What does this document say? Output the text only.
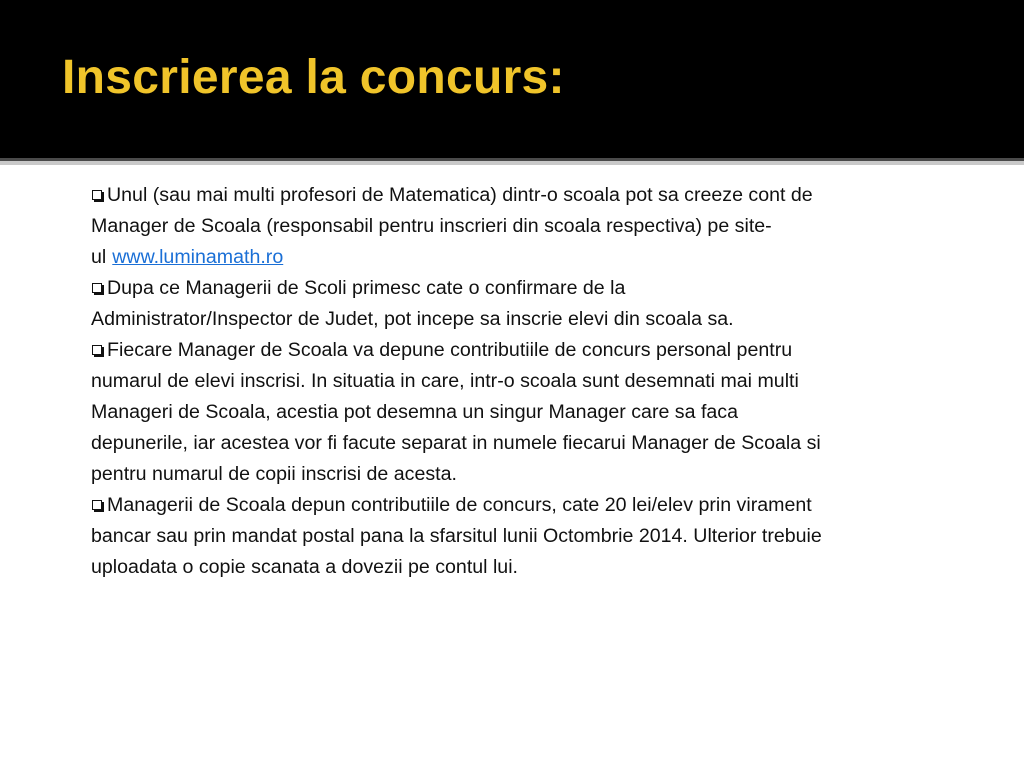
Inscrierea la concurs:

Unul (sau mai multi profesori de Matematica) dintr-o scoala pot sa creeze cont de Manager de Scoala (responsabil pentru inscrieri din scoala respectiva) pe site-ul www.luminamath.ro

Dupa ce Managerii de Scoli primesc cate o confirmare de la Administrator/Inspector de Judet, pot incepe sa inscrie elevi din scoala sa.

Fiecare Manager de Scoala va depune contributiile de concurs personal pentru numarul de elevi inscrisi. In situatia in care, intr-o scoala sunt desemnati mai multi Manageri de Scoala, acestia pot desemna un singur Manager care sa faca depunerile, iar acestea vor fi facute separat in numele fiecarui Manager de Scoala si pentru numarul de copii inscrisi de acesta.

Managerii de Scoala depun contributiile de concurs, cate 20 lei/elev prin virament bancar sau prin mandat postal pana la sfarsitul lunii Octombrie 2014. Ulterior trebuie uploadata o copie scanata a dovezii pe contul lui.
